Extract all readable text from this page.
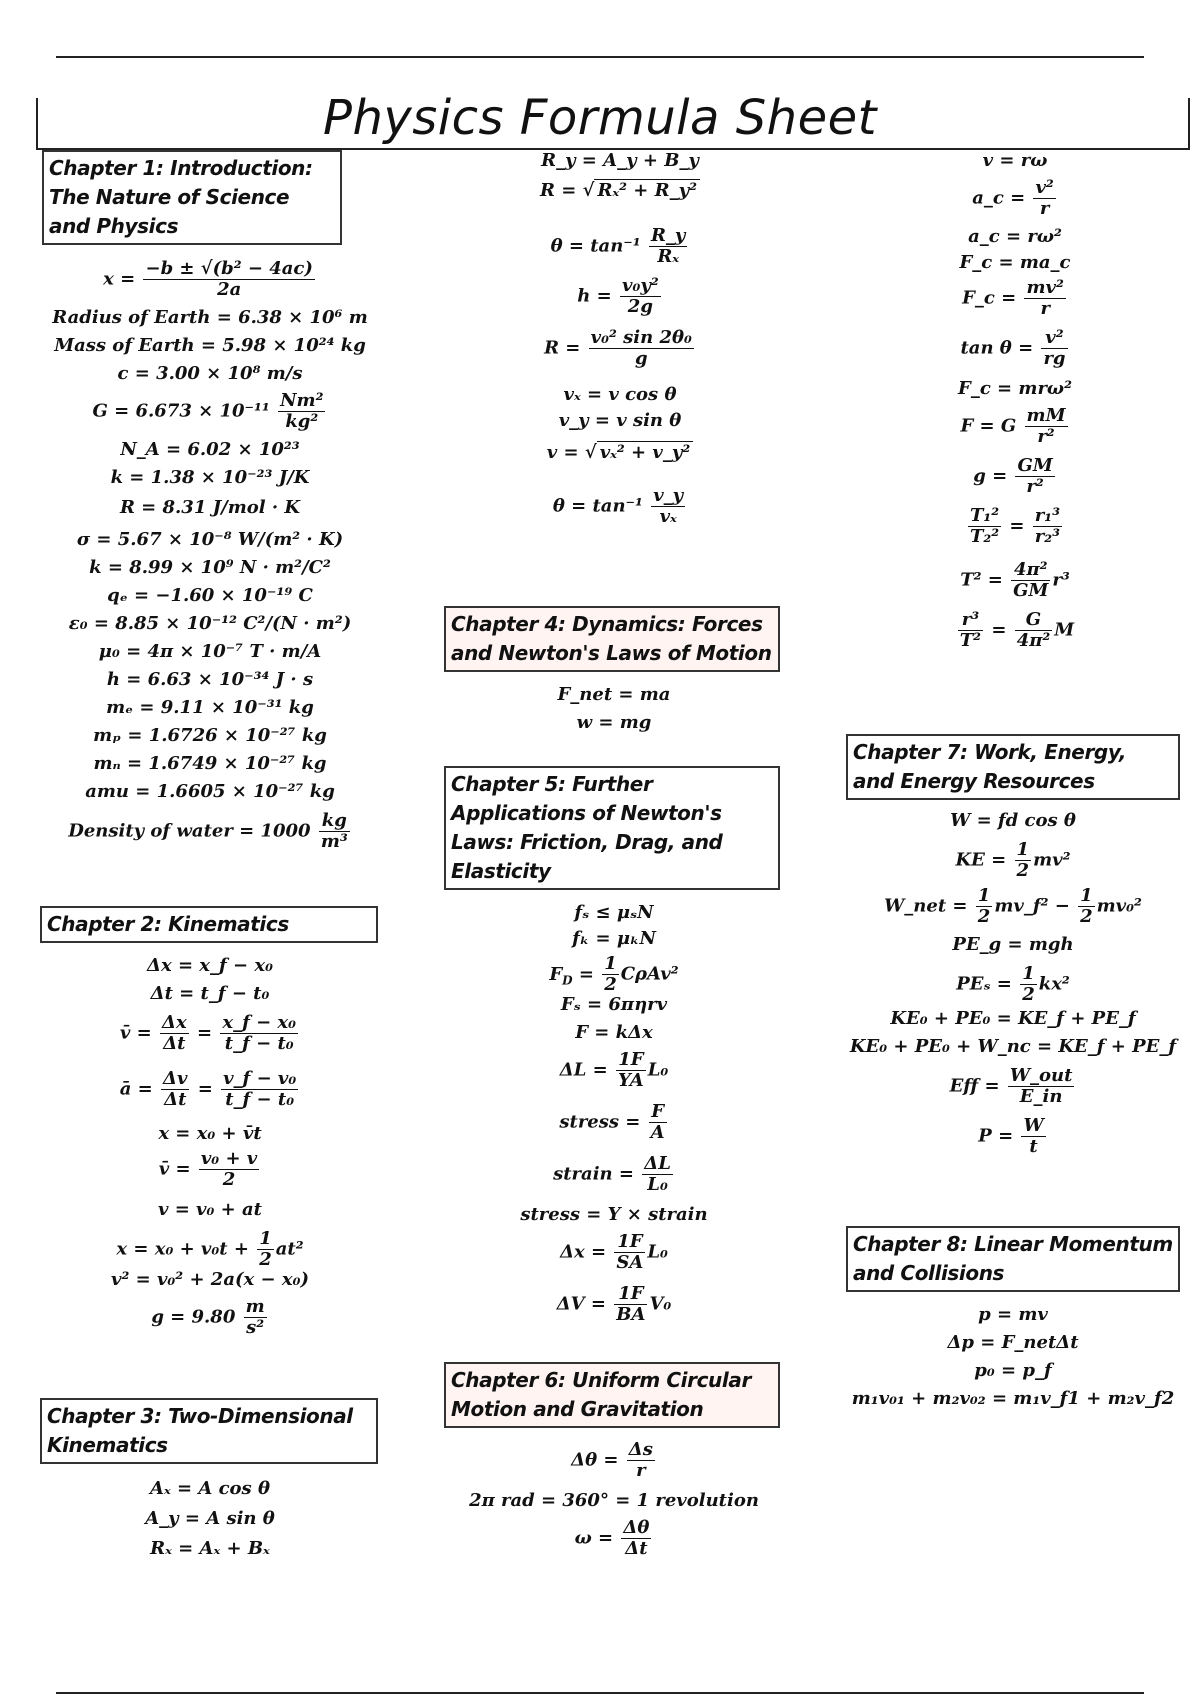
Physics Formula Sheet
Chapter 1: Introduction: The Nature of Science and Physics
$x = \frac{\text{−b ± √(b² − 4ac)}}{2a}$
Radius of Earth = 6.38 × 10⁶ m
Mass of Earth = 5.98 × 10²⁴ kg
c = 3.00 × 10⁸ m/s
$G = 6.673 \times 10^{-11} \frac{\text{Nm²}}{\text{kg²}}$
N_A = 6.02 × 10²³
k = 1.38 × 10⁻²³ J/K
R = 8.31 J/mol · K
σ = 5.67 × 10⁻⁸ W/(m² · K)
k = 8.99 × 10⁹ N · m²/C²
qₑ = −1.60 × 10⁻¹⁹ C
ε₀ = 8.85 × 10⁻¹² C²/(N · m²)
μ₀ = 4π × 10⁻⁷ T · m/A
h = 6.63 × 10⁻³⁴ J · s
mₑ = 9.11 × 10⁻³¹ kg
mₚ = 1.6726 × 10⁻²⁷ kg
mₙ = 1.6749 × 10⁻²⁷ kg
amu = 1.6605 × 10⁻²⁷ kg
Density of water = $1000 \frac{kg}{\text{m³}}$
Chapter 2: Kinematics
Δx = x_f − x₀
Δt = t_f − t₀
v̄ = $\frac{\Delta x}{\Delta t} = \frac{\text{x\_f − x₀}}{\text{t\_f − t₀}}$
ā = $\frac{\Delta v}{\Delta t} = \frac{\text{v\_f − v₀}}{\text{t\_f − t₀}}$
x = x₀ + v̄t
v̄ = $\frac{\text{v₀ + v}}{2}$
v = v₀ + at
$x = x_0 + v_0t + \frac{1}{2} at^2$
v² = v₀² + 2a(x − x₀)
$g = 9.80 \frac{m}{\text{s²}}$
Chapter 3: Two-Dimensional Kinematics
Aₓ = A cos θ
A_y = A sin θ
Rₓ = Aₓ + Bₓ
R_y = A_y + B_y
R = √ Rₓ² + R_y²
$\theta = \tan^{-1} \frac{R\_y}{\text{Rₓ}}$
$h = \frac{\text{v₀y²}}{2g}$
$R = \frac{\text{v₀² sin 2θ₀}}{g}$
vₓ = v cos θ
v_y = v sin θ
v = √ vₓ² + v_y²
$\theta = \tan^{-1} \frac{v\_y}{\text{vₓ}}$
Chapter 4: Dynamics: Forces and Newton's Laws of Motion
F_net = ma
w = mg
Chapter 5: Further Applications of Newton's Laws: Friction, Drag, and Elasticity
fₛ ≤ μₛN
fₖ = μₖN
$F_D = \frac{1}{2} C\rho Av^2$
Fₛ = 6πηrv
F = kΔx
$\Delta L = \frac{1F}{YA} L_0$
stress = $\frac{F}{A}$
strain = $\frac{\Delta L}{\text{L₀}}$
stress = Y × strain
$\Delta x = \frac{1F}{SA} L_0$
$\Delta V = \frac{1F}{BA} V_0$
Chapter 6: Uniform Circular Motion and Gravitation
$\Delta\theta = \frac{\Delta s}{r}$
2π rad = 360° = 1 revolution
$\omega = \frac{\Delta\theta}{\Delta t}$
v = rω
a_c = $\frac{\text{v²}}{r}$
a_c = rω²
F_c = ma_c
F_c = $\frac{\text{mv²}}{r}$
$\tan \theta = \frac{\text{v²}}{rg}$
F_c = mrω²
F = G $\frac{mM}{\text{r²}}$
$g = \frac{GM}{\text{r²}}$
$\frac{\text{T₁²}}{\text{T₂²}} = \frac{\text{r₁³}}{\text{r₂³}}$
$T^2 = \frac{\text{4π²}}{GM} r^3$
$\frac{\text{r³}}{\text{T²}} = \frac{G}{\text{4π²}}$ M
Chapter 7: Work, Energy, and Energy Resources
W = fd cos θ
KE = $\frac{1}{2} mv^2$
W_net = $\frac{1}{2}$ mv_f² − $\frac{1}{2} mv_0^2$
PE_g = mgh
$PE_s = \frac{1}{2} kx^2$
KE₀ + PE₀ = KE_f + PE_f
KE₀ + PE₀ + W_nc = KE_f + PE_f
Eff = W_out
E_in
$P = \frac{W}{t}$
Chapter 8: Linear Momentum and Collisions
p = mv
Δp = F_netΔt
p₀ = p_f
m₁v₀₁ + m₂v₀₂ = m₁v_f1 + m₂v_f2
